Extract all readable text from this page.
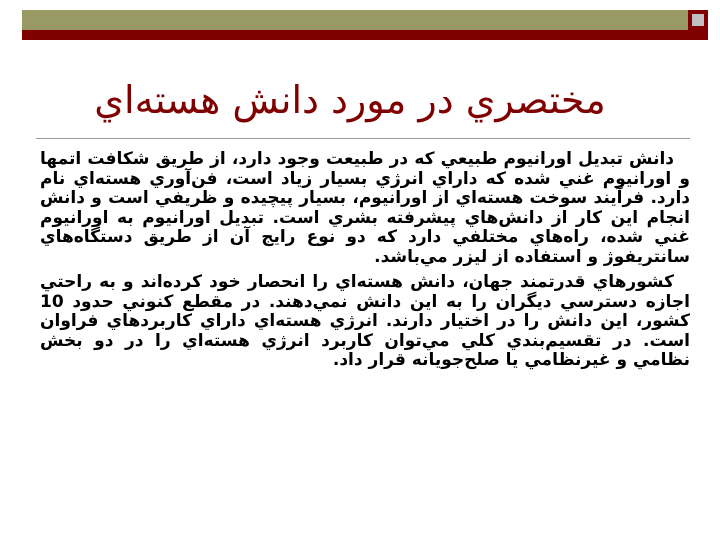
مختصري در مورد دانش هسته‌اي

دانش تبديل اورانيوم طبيعي كه در طبيعت وجود دارد، از طريق شكافت اتمها و اورانيوم غني شده كه داراي انرژي بسيار زياد است، فن‌آوري هسته‌اي نام دارد. فرآيند سوخت هسته‌اي از اورانيوم، بسيار پيچيده و ظريفي است و دانش انجام اين كار از دانش‌هاي پيشرفته بشري است. تبديل اورانيوم به اورانيوم غني شده، راه‌هاي مختلفي دارد كه دو نوع رايج آن از طريق دستگاه‌هاي سانتريفوژ و استفاده از ليزر مي‌باشد.

كشورهاي قدرتمند جهان، دانش هسته‌اي را انحصار خود كرده‌اند و به راحتي اجازه دسترسي ديگران را به اين دانش نمي‌دهند. در مقطع كنوني حدود 10 كشور، اين دانش را در اختيار دارند. انرژي هسته‌اي داراي كاربردهاي فراوان است. در تقسيم‌بندي كلي مي‌توان كاربرد انرژي هسته‌اي را در دو بخش نظامي و غيرنظامي يا صلح‌جويانه قرار داد.
